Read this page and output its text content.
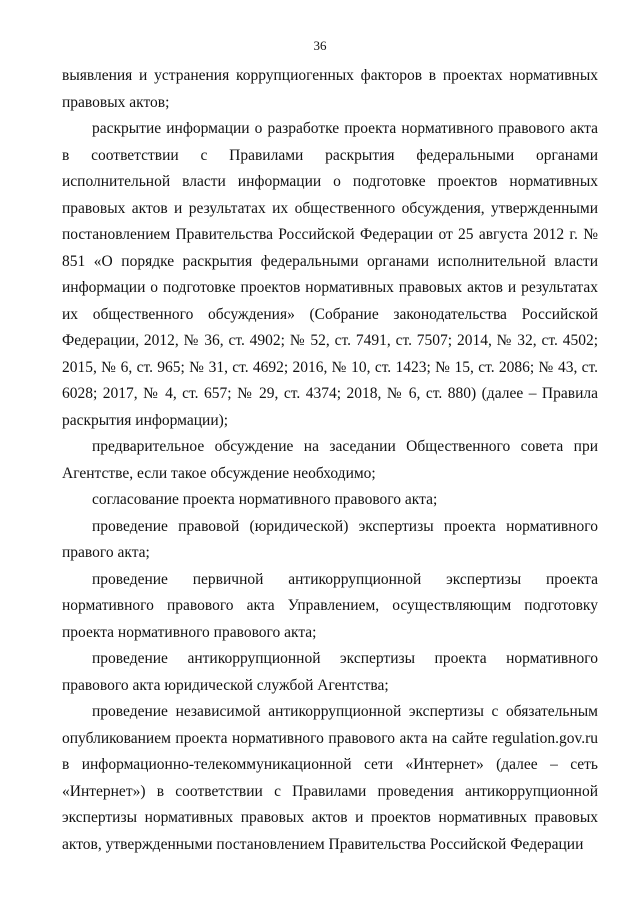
36

выявления и устранения коррупциогенных факторов в проектах нормативных правовых актов;

раскрытие информации о разработке проекта нормативного правового акта в соответствии с Правилами раскрытия федеральными органами исполнительной власти информации о подготовке проектов нормативных правовых актов и результатах их общественного обсуждения, утвержденными постановлением Правительства Российской Федерации от 25 августа 2012 г. № 851 «О порядке раскрытия федеральными органами исполнительной власти информации о подготовке проектов нормативных правовых актов и результатах их общественного обсуждения» (Собрание законодательства Российской Федерации, 2012, № 36, ст. 4902; № 52, ст. 7491, ст. 7507; 2014, № 32, ст. 4502; 2015, № 6, ст. 965; № 31, ст. 4692; 2016, № 10, ст. 1423; № 15, ст. 2086; № 43, ст. 6028; 2017, № 4, ст. 657; № 29, ст. 4374; 2018, № 6, ст. 880) (далее – Правила раскрытия информации);

предварительное обсуждение на заседании Общественного совета при Агентстве, если такое обсуждение необходимо;

согласование проекта нормативного правового акта;

проведение правовой (юридической) экспертизы проекта нормативного правого акта;

проведение первичной антикоррупционной экспертизы проекта нормативного правового акта Управлением, осуществляющим подготовку проекта нормативного правового акта;

проведение антикоррупционной экспертизы проекта нормативного правового акта юридической службой Агентства;

проведение независимой антикоррупционной экспертизы с обязательным опубликованием проекта нормативного правового акта на сайте regulation.gov.ru в информационно-телекоммуникационной сети «Интернет» (далее – сеть «Интернет») в соответствии с Правилами проведения антикоррупционной экспертизы нормативных правовых актов и проектов нормативных правовых актов, утвержденными постановлением Правительства Российской Федерации
